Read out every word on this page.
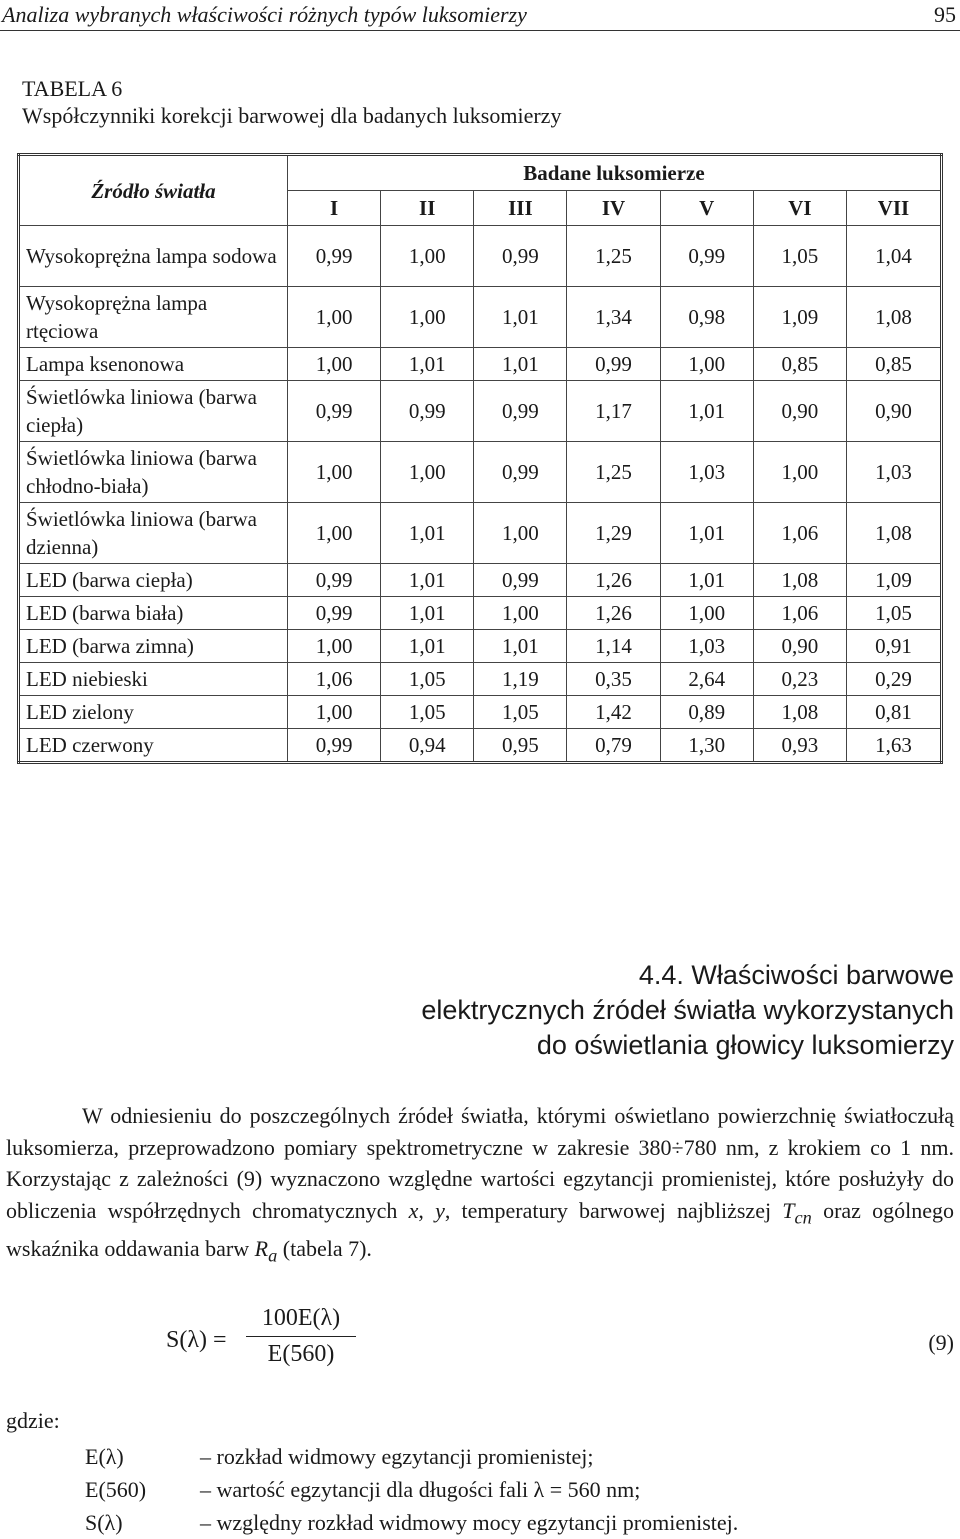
Analiza wybranych właściwości różnych typów luksomierzy	95
TABELA 6
Współczynniki korekcji barwowej dla badanych luksomierzy
Źródło światła	Badane luksomierze						
	I	II	III	IV	V	VI	VII
Wysokoprężna lampa sodowa	0,99	1,00	0,99	1,25	0,99	1,05	1,04
Wysokoprężna lampa rtęciowa	1,00	1,00	1,01	1,34	0,98	1,09	1,08
Lampa ksenonowa	1,00	1,01	1,01	0,99	1,00	0,85	0,85
Świetlówka liniowa (barwa ciepła)	0,99	0,99	0,99	1,17	1,01	0,90	0,90
Świetlówka liniowa (barwa chłodno-biała)	1,00	1,00	0,99	1,25	1,03	1,00	1,03
Świetlówka liniowa (barwa dzienna)	1,00	1,01	1,00	1,29	1,01	1,06	1,08
LED (barwa ciepła)	0,99	1,01	0,99	1,26	1,01	1,08	1,09
LED (barwa biała)	0,99	1,01	1,00	1,26	1,00	1,06	1,05
LED (barwa zimna)	1,00	1,01	1,01	1,14	1,03	0,90	0,91
LED niebieski	1,06	1,05	1,19	0,35	2,64	0,23	0,29
LED zielony	1,00	1,05	1,05	1,42	0,89	1,08	0,81
LED czerwony	0,99	0,94	0,95	0,79	1,30	0,93	1,63
4.4. Właściwości barwowe
elektrycznych źródeł światła wykorzystanych
do oświetlania głowicy luksomierzy

W odniesieniu do poszczególnych źródeł światła, którymi oświetlano powierzchnię światłoczułą luksomierza, przeprowadzono pomiary spektrometryczne w zakresie 380÷780 nm, z krokiem co 1 nm. Korzystając z zależności (9) wyznaczono względne wartości egzytancji promienistej, które posłużyły do obliczenia współrzędnych chromatycznych x, y, temperatury barwowej najbliższej $T_{cn}$ oraz ogólnego wskaźnika oddawania barw $R_a$ (tabela 7).

S(λ) =
100E(λ)
E(560)	(9)
gdzie:
E(λ)	– rozkład widmowy egzytancji promienistej;
E(560)	– wartość egzytancji dla długości fali λ = 560 nm;
S(λ)	– względny rozkład widmowy mocy egzytancji promienistej.
